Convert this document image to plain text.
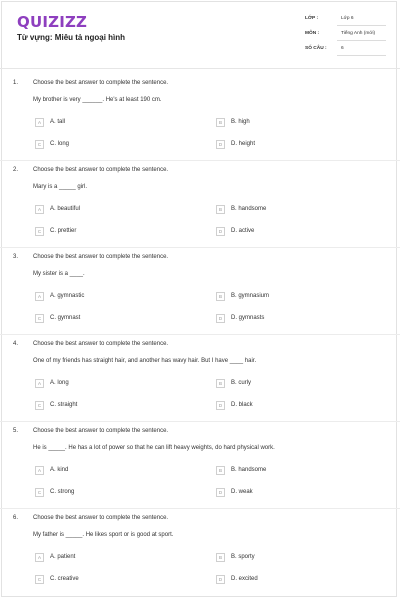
QUIZIZZ
Từ vựng: Miêu tả ngoại hình
LỚP :	Lớp 6
MÔN :	Tiếng Anh (mới)
SỐ CÂU :	6
1. Choose the best answer to complete the sentence.
My brother is very ______. He's at least 190 cm.
A	A. tall	B	B. high
C	C. long	D	D. height
2. Choose the best answer to complete the sentence.
Mary is a _____ girl.
A	A. beautiful	B	B. handsome
C	C. prettier	D	D. active
3. Choose the best answer to complete the sentence.
My sister is a ____.
A	A. gymnastic	B	B. gymnasium
C	C. gymnast	D	D. gymnasts
4. Choose the best answer to complete the sentence.
One of my friends has straight hair, and another has wavy hair. But I have ____ hair.
A	A. long	B	B. curly
C	C. straight	D	D. black
5. Choose the best answer to complete the sentence.
He is _____. He has a lot of power so that he can lift heavy weights, do hard physical work.
A	A. kind	B	B. handsome
C	C. strong	D	D. weak
6. Choose the best answer to complete the sentence.
My father is _____. He likes sport or is good at sport.
A	A. patient	B	B. sporty
C	C. creative	D	D. excited
